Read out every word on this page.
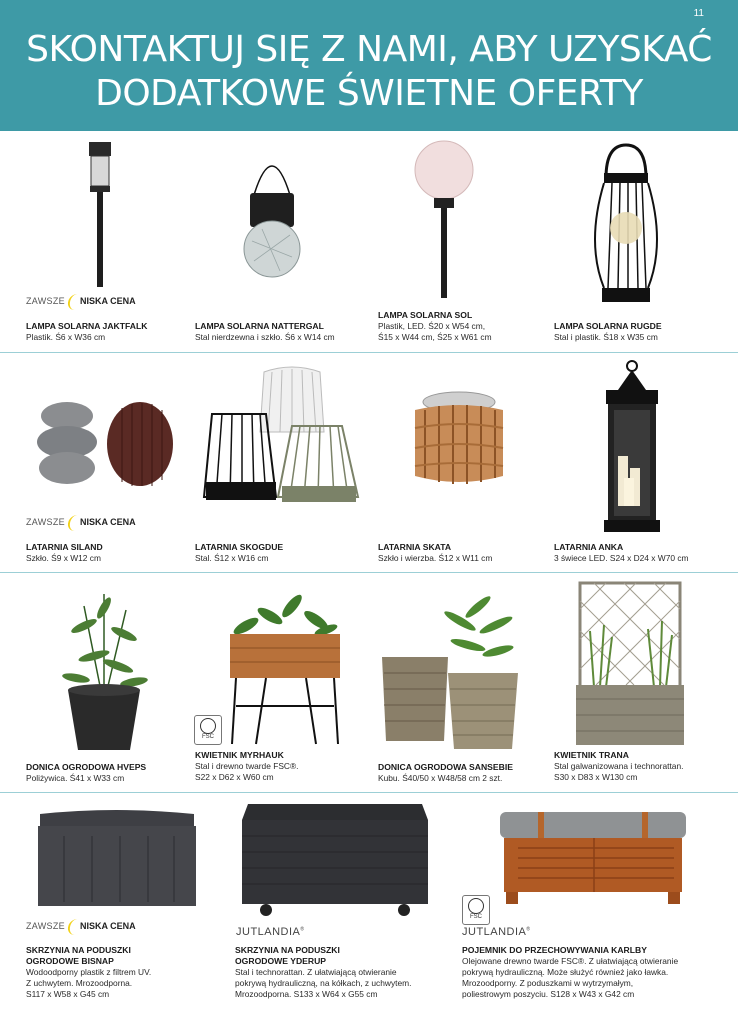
11
SKONTAKTUJ SIĘ Z NAMI, ABY UZYSKAĆ
DODATKOWE ŚWIETNE OFERTY
ZAWSZE NISKA CENA
LAMPA SOLARNA JAKTFALK
Plastik. Ś6 x W36 cm
LAMPA SOLARNA NATTERGAL
Stal nierdzewna i szkło. Ś6 x W14 cm
LAMPA SOLARNA SOL
Plastik, LED. Ś20 x W54 cm,
Ś15 x W44 cm, Ś25 x W61 cm
LAMPA SOLARNA RUGDE
Stal i plastik. Ś18 x W35 cm
ZAWSZE NISKA CENA
LATARNIA SILAND
Szkło. Ś9 x W12 cm
LATARNIA SKOGDUE
Stal. Ś12 x W16 cm
LATARNIA SKATA
Szkło i wierzba. Ś12 x W11 cm
LATARNIA ANKA
3 świece LED. S24 x D24 x W70 cm
FSC
DONICA OGRODOWA HVEPS
Poliżywica. Ś41 x W33 cm
KWIETNIK MYRHAUK
Stal i drewno twarde FSC®.
S22 x D62 x W60 cm
DONICA OGRODOWA SANSEBIE
Kubu. Ś40/50 x W48/58 cm 2 szt.
KWIETNIK TRANA
Stal galwanizowana i technorattan.
S30 x D83 x W130 cm
ZAWSZE NISKA CENA	JUTLANDIA®
FSC
JUTLANDIA®
SKRZYNIA NA PODUSZKI
OGRODOWE BISNAP
Wodoodporny plastik z filtrem UV.
Z uchwytem. Mrozoodporna.
S117 x W58 x G45 cm
SKRZYNIA NA PODUSZKI
OGRODOWE YDERUP
Stal i technorattan. Z ułatwiającą otwieranie
pokrywą hydrauliczną, na kółkach, z uchwytem.
Mrozoodporna. S133 x W64 x G55 cm
POJEMNIK DO PRZECHOWYWANIA KARLBY
Olejowane drewno twarde FSC®. Z ułatwiającą otwieranie
pokrywą hydrauliczną. Może służyć również jako ławka.
Mrozoodporny. Z poduszkami w wytrzymałym,
poliestrowym poszyciu. S128 x W43 x G42 cm
